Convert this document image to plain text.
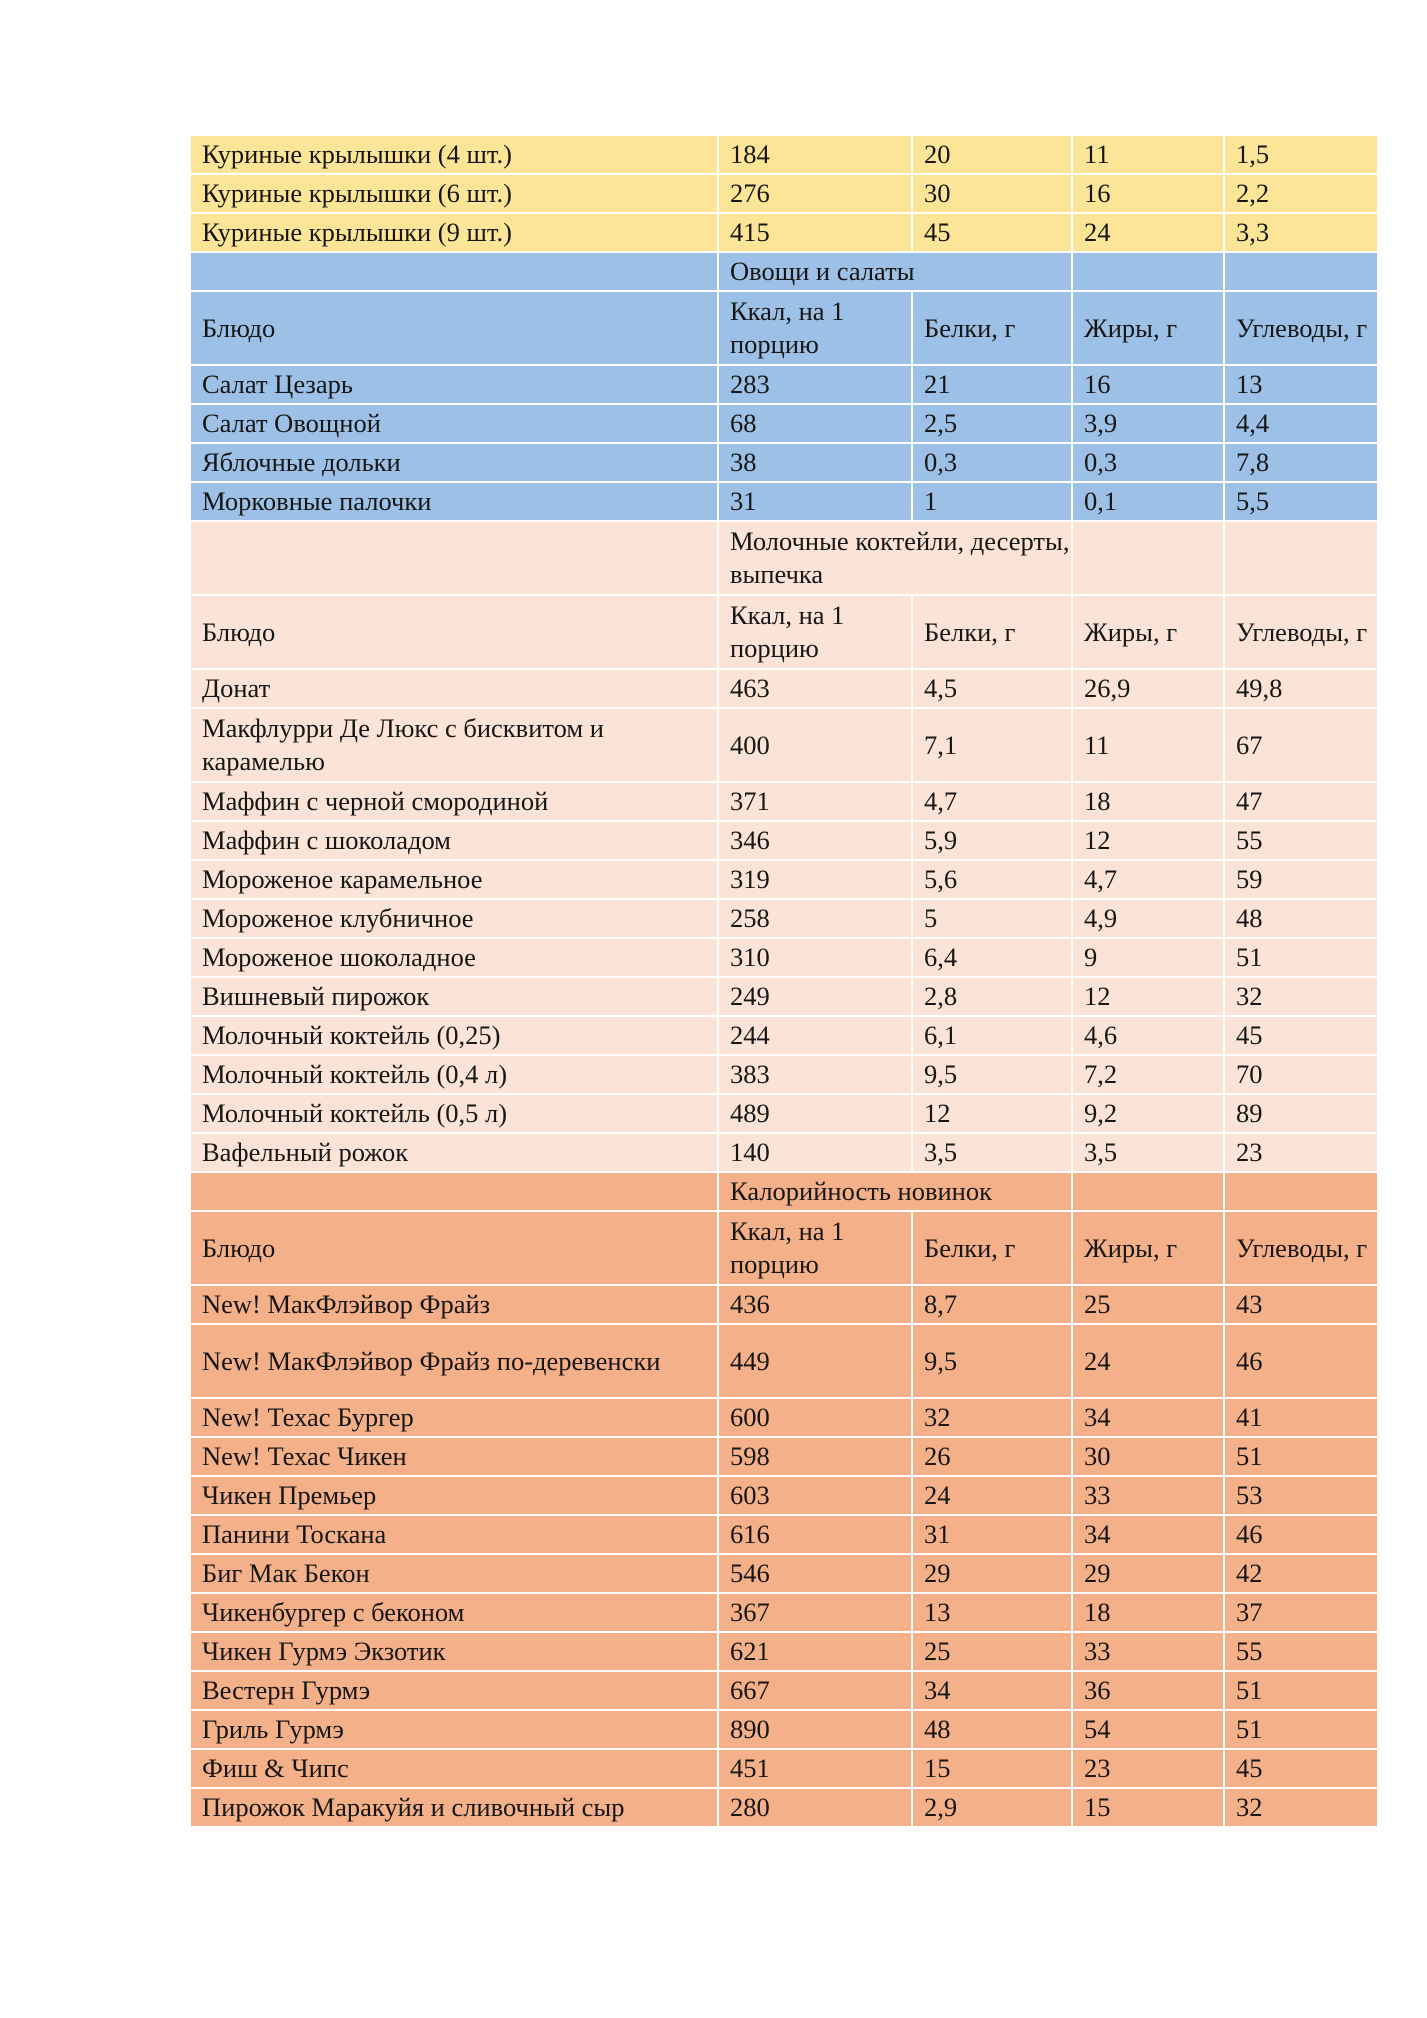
Куриные крылышки (4 шт.)	184	20	11	1,5
Куриные крылышки (6 шт.)	276	30	16	2,2
Куриные крылышки (9 шт.)	415	45	24	3,3
	Овощи и салаты			
Блюдо	Ккал, на 1 порцию	Белки, г	Жиры, г	Углеводы, г
Салат Цезарь	283	21	16	13
Салат Овощной	68	2,5	3,9	4,4
Яблочные дольки	38	0,3	0,3	7,8
Морковные палочки	31	1	0,1	5,5
	Молочные коктейли, десерты, выпечка			
Блюдо	Ккал, на 1 порцию	Белки, г	Жиры, г	Углеводы, г
Донат	463	4,5	26,9	49,8
Макфлурри Де Люкс с бисквитом и карамелью	400	7,1	11	67
Маффин с черной смородиной	371	4,7	18	47
Маффин с шоколадом	346	5,9	12	55
Мороженое карамельное	319	5,6	4,7	59
Мороженое клубничное	258	5	4,9	48
Мороженое шоколадное	310	6,4	9	51
Вишневый пирожок	249	2,8	12	32
Молочный коктейль (0,25)	244	6,1	4,6	45
Молочный коктейль (0,4 л)	383	9,5	7,2	70
Молочный коктейль (0,5 л)	489	12	9,2	89
Вафельный рожок	140	3,5	3,5	23
	Калорийность новинок			
Блюдо	Ккал, на 1 порцию	Белки, г	Жиры, г	Углеводы, г
New! МакФлэйвор Фрайз	436	8,7	25	43
New! МакФлэйвор Фрайз по-деревенски	449	9,5	24	46
New! Техас Бургер	600	32	34	41
New! Техас Чикен	598	26	30	51
Чикен Премьер	603	24	33	53
Панини Тоскана	616	31	34	46
Биг Мак Бекон	546	29	29	42
Чикенбургер с беконом	367	13	18	37
Чикен Гурмэ Экзотик	621	25	33	55
Вестерн Гурмэ	667	34	36	51
Гриль Гурмэ	890	48	54	51
Фиш & Чипс	451	15	23	45
Пирожок Маракуйя и сливочный сыр	280	2,9	15	32
